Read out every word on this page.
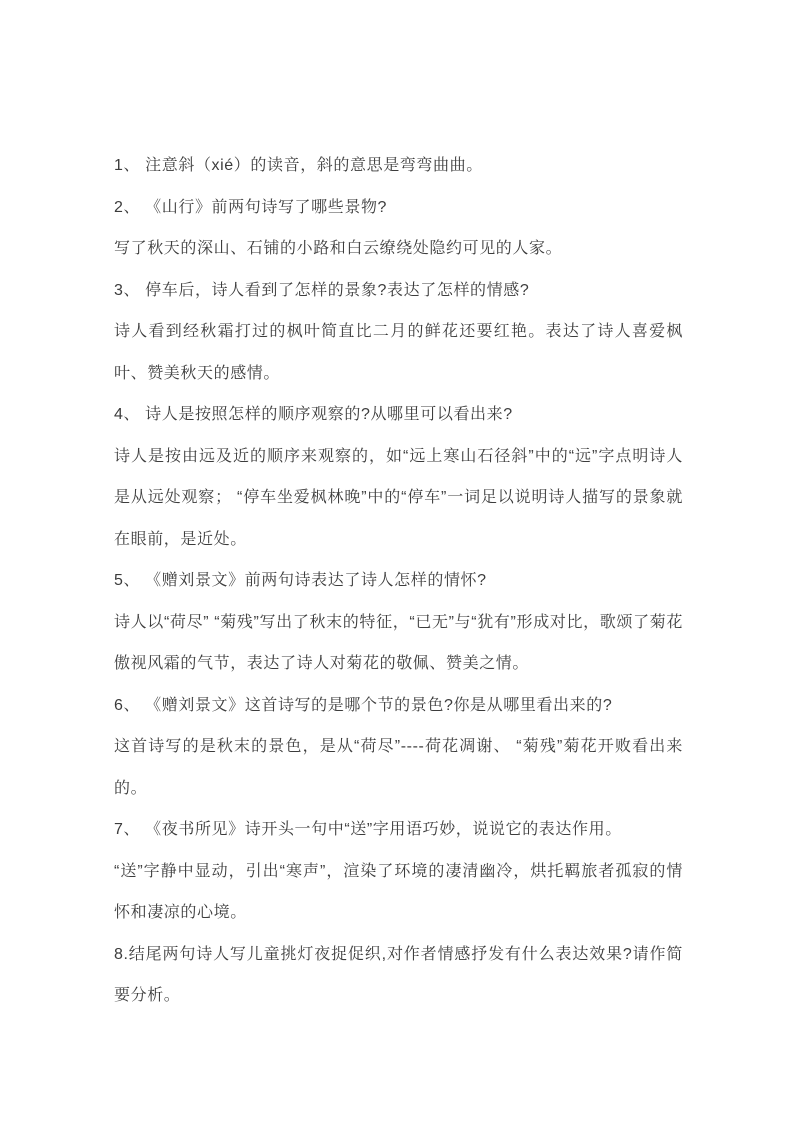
1、 注意斜（xié）的读音，斜的意思是弯弯曲曲。

2、 《山行》前两句诗写了哪些景物?

写了秋天的深山、石铺的小路和白云缭绕处隐约可见的人家。

3、 停车后，诗人看到了怎样的景象?表达了怎样的情感?

诗人看到经秋霜打过的枫叶简直比二月的鲜花还要红艳。表达了诗人喜爱枫叶、赞美秋天的感情。

4、 诗人是按照怎样的顺序观察的?从哪里可以看出来?

诗人是按由远及近的顺序来观察的，如“远上寒山石径斜”中的“远”字点明诗人是从远处观察； “停车坐爱枫林晚”中的“停车”一词足以说明诗人描写的景象就在眼前，是近处。

5、 《赠刘景文》前两句诗表达了诗人怎样的情怀?

诗人以“荷尽” “菊残”写出了秋末的特征，“已无”与“犹有”形成对比，歌颂了菊花傲视风霜的气节，表达了诗人对菊花的敬佩、赞美之情。

6、 《赠刘景文》这首诗写的是哪个节的景色?你是从哪里看出来的?

这首诗写的是秋末的景色，是从“荷尽”----荷花凋谢、 “菊残”菊花开败看出来的。

7、 《夜书所见》诗开头一句中“送”字用语巧妙，说说它的表达作用。

“送”字静中显动，引出“寒声”，渲染了环境的凄清幽冷，烘托羁旅者孤寂的情怀和凄凉的心境。

8.结尾两句诗人写儿童挑灯夜捉促织,对作者情感抒发有什么表达效果?请作简要分析。
